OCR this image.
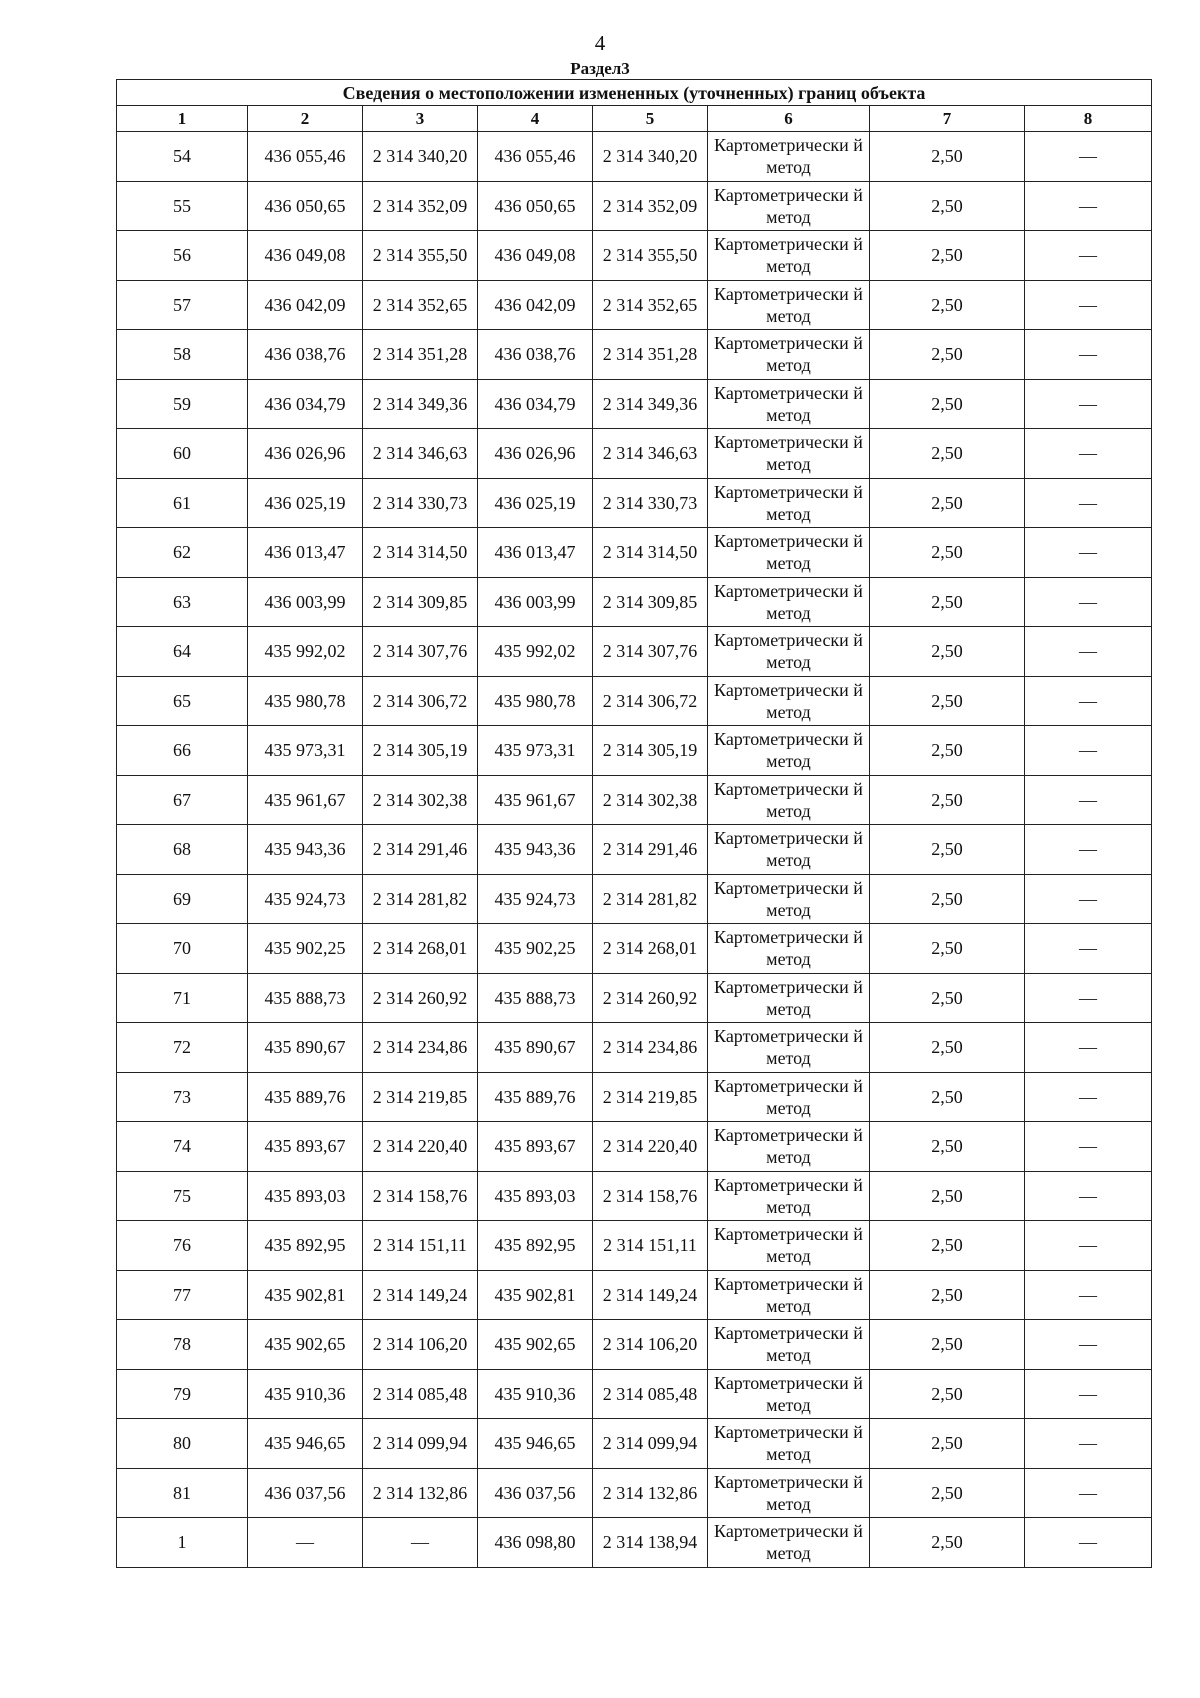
4
Раздел3
Сведения о местоположении измененных (уточненных) границ объекта							
1	2	3	4	5	6	7	8
54	436 055,46	2 314 340,20	436 055,46	2 314 340,20	Картометрически й метод	2,50	—
55	436 050,65	2 314 352,09	436 050,65	2 314 352,09	Картометрически й метод	2,50	—
56	436 049,08	2 314 355,50	436 049,08	2 314 355,50	Картометрически й метод	2,50	—
57	436 042,09	2 314 352,65	436 042,09	2 314 352,65	Картометрически й метод	2,50	—
58	436 038,76	2 314 351,28	436 038,76	2 314 351,28	Картометрически й метод	2,50	—
59	436 034,79	2 314 349,36	436 034,79	2 314 349,36	Картометрически й метод	2,50	—
60	436 026,96	2 314 346,63	436 026,96	2 314 346,63	Картометрически й метод	2,50	—
61	436 025,19	2 314 330,73	436 025,19	2 314 330,73	Картометрически й метод	2,50	—
62	436 013,47	2 314 314,50	436 013,47	2 314 314,50	Картометрически й метод	2,50	—
63	436 003,99	2 314 309,85	436 003,99	2 314 309,85	Картометрически й метод	2,50	—
64	435 992,02	2 314 307,76	435 992,02	2 314 307,76	Картометрически й метод	2,50	—
65	435 980,78	2 314 306,72	435 980,78	2 314 306,72	Картометрически й метод	2,50	—
66	435 973,31	2 314 305,19	435 973,31	2 314 305,19	Картометрически й метод	2,50	—
67	435 961,67	2 314 302,38	435 961,67	2 314 302,38	Картометрически й метод	2,50	—
68	435 943,36	2 314 291,46	435 943,36	2 314 291,46	Картометрически й метод	2,50	—
69	435 924,73	2 314 281,82	435 924,73	2 314 281,82	Картометрически й метод	2,50	—
70	435 902,25	2 314 268,01	435 902,25	2 314 268,01	Картометрически й метод	2,50	—
71	435 888,73	2 314 260,92	435 888,73	2 314 260,92	Картометрически й метод	2,50	—
72	435 890,67	2 314 234,86	435 890,67	2 314 234,86	Картометрически й метод	2,50	—
73	435 889,76	2 314 219,85	435 889,76	2 314 219,85	Картометрически й метод	2,50	—
74	435 893,67	2 314 220,40	435 893,67	2 314 220,40	Картометрически й метод	2,50	—
75	435 893,03	2 314 158,76	435 893,03	2 314 158,76	Картометрически й метод	2,50	—
76	435 892,95	2 314 151,11	435 892,95	2 314 151,11	Картометрически й метод	2,50	—
77	435 902,81	2 314 149,24	435 902,81	2 314 149,24	Картометрически й метод	2,50	—
78	435 902,65	2 314 106,20	435 902,65	2 314 106,20	Картометрически й метод	2,50	—
79	435 910,36	2 314 085,48	435 910,36	2 314 085,48	Картометрически й метод	2,50	—
80	435 946,65	2 314 099,94	435 946,65	2 314 099,94	Картометрически й метод	2,50	—
81	436 037,56	2 314 132,86	436 037,56	2 314 132,86	Картометрически й метод	2,50	—
1	—	—	436 098,80	2 314 138,94	Картометрически й метод	2,50	—
